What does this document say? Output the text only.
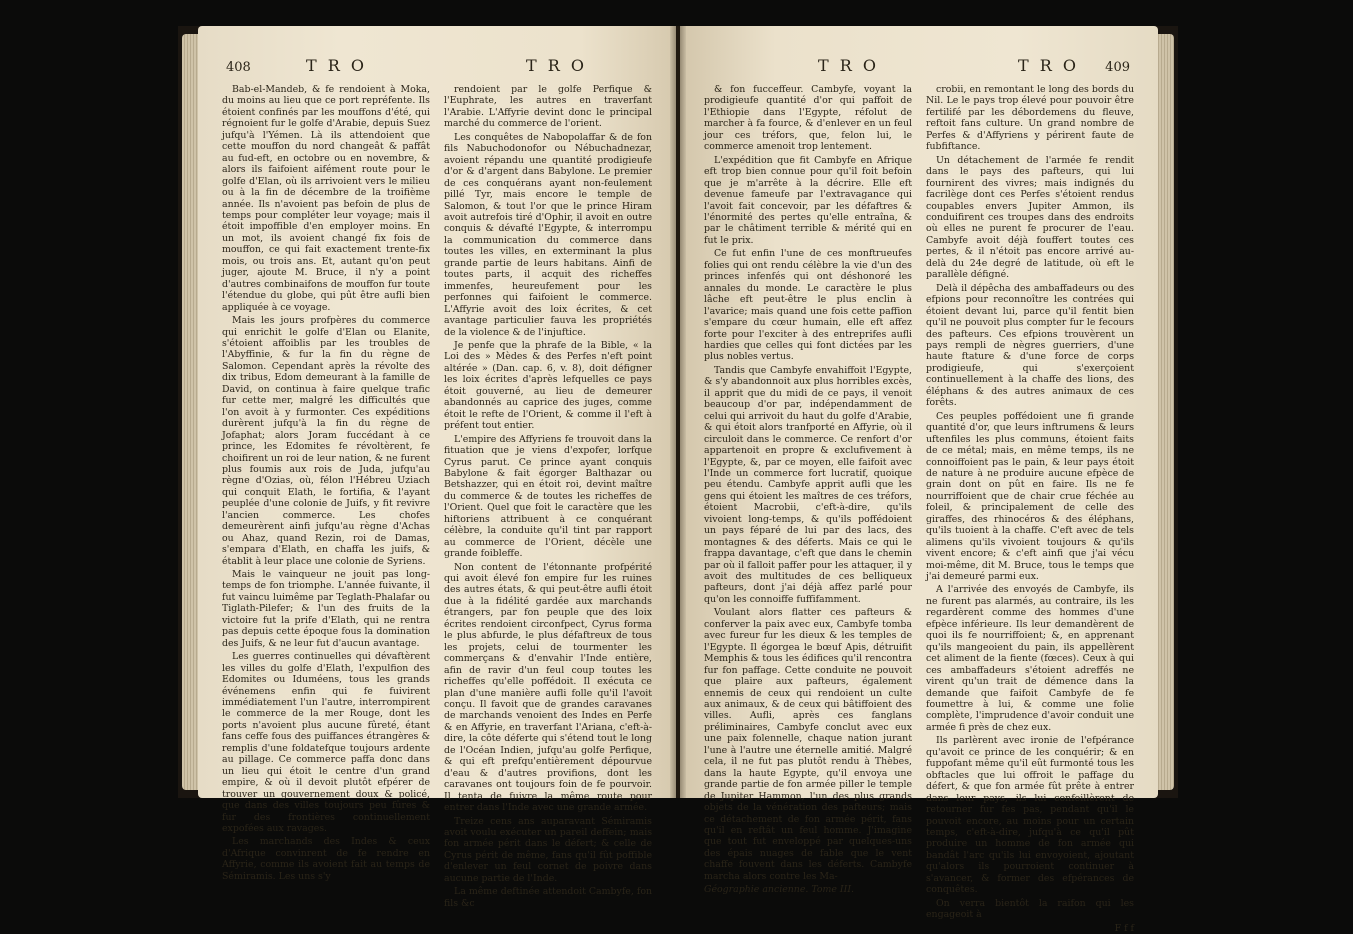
408	T R O	T R O

Bab-el-Mandeb, & fe rendoient à Moka, du moins au lieu que ce port repréfente. Ils étoient confinés par les mouffons d'été, qui régnoient fur le golfe d'Arabie, depuis Suez jufqu'à l'Yémen. Là ils attendoient que cette mouffon du nord changeât & paffât au fud-eft, en octobre ou en novembre, & alors ils faifoient aifément route pour le golfe d'Elan, où ils arrivoient vers le milieu ou à la fin de décembre de la troifième année. Ils n'avoient pas befoin de plus de temps pour compléter leur voyage; mais il étoit impoffible d'en employer moins. En un mot, ils avoient changé fix fois de mouffon, ce qui fait exactement trente-fix mois, ou trois ans. Et, autant qu'on peut juger, ajoute M. Bruce, il n'y a point d'autres combinaifons de mouffon fur toute l'étendue du globe, qui pût être aufli bien appliquée à ce voyage.

Mais les jours profpères du commerce qui enrichit le golfe d'Elan ou Elanite, s'étoient affoiblis par les troubles de l'Abyffinie, & fur la fin du règne de Salomon. Cependant après la révolte des dix tribus, Edom demeurant à la famille de David, on continua à faire quelque trafic fur cette mer, malgré les difficultés que l'on avoit à y furmonter. Ces expéditions durèrent jufqu'à la fin du règne de Jofaphat; alors Joram fuccédant à ce prince, les Edomites fe révoltèrent, fe choifirent un roi de leur nation, & ne furent plus foumis aux rois de Juda, jufqu'au règne d'Ozias, où, félon l'Hébreu Uziach qui conquit Elath, le fortifia, & l'ayant peuplée d'une colonie de Juifs, y fit revivre l'ancien commerce. Les chofes demeurèrent ainfi jufqu'au règne d'Achas ou Ahaz, quand Rezin, roi de Damas, s'empara d'Elath, en chaffa les juifs, & établit à leur place une colonie de Syriens.

Mais le vainqueur ne jouit pas long-temps de fon triomphe. L'année fuivante, il fut vaincu luimême par Teglath-Phalafar ou Tiglath-Pilefer; & l'un des fruits de la victoire fut la prife d'Elath, qui ne rentra pas depuis cette époque fous la domination des Juifs, & ne leur fut d'aucun avantage.

Les guerres continuelles qui dévaftèrent les villes du golfe d'Elath, l'expulfion des Edomites ou Iduméens, tous les grands événemens enfin qui fe fuivirent immédiatement l'un l'autre, interrompirent le commerce de la mer Rouge, dont les ports n'avoient plus aucune fûreté, étant fans ceffe fous des puiffances étrangères & remplis d'une foldatefque toujours ardente au pillage. Ce commerce paffa donc dans un lieu qui étoit le centre d'un grand empire, & où il devoit plutôt efpérer de trouver un gouvernement doux & policé, que dans des villes toujours peu fûres & fur des frontières continuellement expofées aux ravages.

Les marchands des Indes & ceux d'Afrique convinrent de fe rendre en Affyrie, comme ils avoient fait au temps de Sémiramis. Les uns s'y

rendoient par le golfe Perfique & l'Euphrate, les autres en traverfant l'Arabie. L'Affyrie devint donc le principal marché du commerce de l'orient.

Les conquêtes de Nabopolaffar & de fon fils Nabuchodonofor ou Nébuchadnezar, avoient répandu une quantité prodigieufe d'or & d'argent dans Babylone. Le premier de ces conquérans ayant non-feulement pillé Tyr, mais encore le temple de Salomon, & tout l'or que le prince Hiram avoit autrefois tiré d'Ophir, il avoit en outre conquis & dévafté l'Egypte, & interrompu la communication du commerce dans toutes les villes, en exterminant la plus grande partie de leurs habitans. Ainfi de toutes parts, il acquit des richeffes immenfes, heureufement pour les perfonnes qui faifoient le commerce. L'Affyrie avoit des loix écrites, & cet avantage particulier fauva les propriétés de la violence & de l'injuftice.

Je penfe que la phrafe de la Bible, « la Loi des » Mèdes & des Perfes n'eft point altérée » (Dan. cap. 6, v. 8), doit défigner les loix écrites d'après lefquelles ce pays étoit gouverné, au lieu de demeurer abandonnés au caprice des juges, comme étoit le refte de l'Orient, & comme il l'eft à préfent tout entier.

L'empire des Affyriens fe trouvoit dans la fituation que je viens d'expofer, lorfque Cyrus parut. Ce prince ayant conquis Babylone & fait égorger Balthazar ou Betshazzer, qui en étoit roi, devint maître du commerce & de toutes les richeffes de l'Orient. Quel que foit le caractère que les hiftoriens attribuent à ce conquérant célèbre, la conduite qu'il tint par rapport au commerce de l'Orient, décèle une grande foibleffe.

Non content de l'étonnante profpérité qui avoit élevé fon empire fur les ruines des autres états, & qui peut-être aufli étoit due à la fidélité gardée aux marchands étrangers, par fon peuple que des loix écrites rendoient circonfpect, Cyrus forma le plus abfurde, le plus défaftreux de tous les projets, celui de tourmenter les commerçans & d'envahir l'Inde entière, afin de ravir d'un feul coup toutes les richeffes qu'elle poffédoit. Il exécuta ce plan d'une manière aufli folle qu'il l'avoit conçu. Il favoit que de grandes caravanes de marchands venoient des Indes en Perfe & en Affyrie, en traverfant l'Ariana, c'eft-à-dire, la côte déferte qui s'étend tout le long de l'Océan Indien, jufqu'au golfe Perfique, & qui eft prefqu'entièrement dépourvue d'eau & d'autres provifions, dont les caravanes ont toujours foin de fe pourvoir. Il tenta de fuivre la même route pour entrer dans l'Inde avec une grande armée.

Treize cens ans auparavant Sémiramis avoit voulu exécuter un pareil deffein; mais fon armée périt dans le défert; & celle de Cyrus périt de même, fans qu'il fût poffible d'enlever un feul cornet de poivre dans aucune partie de l'Inde.

La même deftinée attendoit Cambyfe, fon fils &c

T R O	T R O 409

& fon fucceffeur. Cambyfe, voyant la prodigieufe quantité d'or qui paffoit de l'Ethiopie dans l'Egypte, réfolut de marcher à fa fource, & d'enlever en un feul jour ces tréfors, que, felon lui, le commerce amenoit trop lentement.

L'expédition que fit Cambyfe en Afrique eft trop bien connue pour qu'il foit befoin que je m'arrête à la décrire. Elle eft devenue fameufe par l'extravagance qui l'avoit fait concevoir, par les défaftres & l'énormité des pertes qu'elle entraîna, & par le châtiment terrible & mérité qui en fut le prix.

Ce fut enfin l'une de ces monftrueufes folies qui ont rendu célèbre la vie d'un des princes infenfés qui ont déshonoré les annales du monde. Le caractère le plus lâche eft peut-être le plus enclin à l'avarice; mais quand une fois cette paffion s'empare du cœur humain, elle eft affez forte pour l'exciter à des entreprifes aufli hardies que celles qui font dictées par les plus nobles vertus.

Tandis que Cambyfe envahiffoit l'Egypte, & s'y abandonnoit aux plus horribles excès, il apprit que du midi de ce pays, il venoit beaucoup d'or par, indépendamment de celui qui arrivoit du haut du golfe d'Arabie, & qui étoit alors tranfporté en Affyrie, où il circuloit dans le commerce. Ce renfort d'or appartenoit en propre & exclufivement à l'Egypte, &, par ce moyen, elle faifoit avec l'Inde un commerce fort lucratif, quoique peu étendu. Cambyfe apprit aufli que les gens qui étoient les maîtres de ces tréfors, étoient Macrobii, c'eft-à-dire, qu'ils vivoient long-temps, & qu'ils poffédoient un pays féparé de lui par des lacs, des montagnes & des déferts. Mais ce qui le frappa davantage, c'eft que dans le chemin par où il falloit paffer pour les attaquer, il y avoit des multitudes de ces belliqueux pafteurs, dont j'ai déjà affez parlé pour qu'on les connoiffe fuffifamment.

Voulant alors flatter ces pafteurs & conferver la paix avec eux, Cambyfe tomba avec fureur fur les dieux & les temples de l'Egypte. Il égorgea le bœuf Apis, détruifit Memphis & tous les édifices qu'il rencontra fur fon paffage. Cette conduite ne pouvoit que plaire aux pafteurs, également ennemis de ceux qui rendoient un culte aux animaux, & de ceux qui bâtiffoient des villes. Aufli, après ces fanglans préliminaires, Cambyfe conclut avec eux une paix folennelle, chaque nation jurant l'une à l'autre une éternelle amitié. Malgré cela, il ne fut pas plutôt rendu à Thèbes, dans la haute Egypte, qu'il envoya une grande partie de fon armée piller le temple de Jupiter Hammon, l'un des plus grands objets de la vénération des pafteurs; mais ce détachement de fon armée périt, fans qu'il en reftât un feul homme. J'imagine que tout fut enveloppé par quelques-uns des épais nuages de fable que le vent chaffe fouvent dans les déferts. Cambyfe marcha alors contre les Ma-

Géographie ancienne. Tome III.

crobii, en remontant le long des bords du Nil. Le le pays trop élevé pour pouvoir être fertilifé par les débordemens du fleuve, reftoit fans culture. Un grand nombre de Perfes & d'Affyriens y périrent faute de fubfiftance.

Un détachement de l'armée fe rendit dans le pays des pafteurs, qui lui fournirent des vivres; mais indignés du facrilège dont ces Perfes s'étoient rendus coupables envers Jupiter Ammon, ils conduifirent ces troupes dans des endroits où elles ne purent fe procurer de l'eau. Cambyfe avoit déjà fouffert toutes ces pertes, & il n'étoit pas encore arrivé au-delà du 24e degré de latitude, où eft le parallèle défigné.

Delà il dépêcha des ambaffadeurs ou des efpions pour reconnoître les contrées qui étoient devant lui, parce qu'il fentit bien qu'il ne pouvoit plus compter fur le fecours des pafteurs. Ces efpions trouvèrent un pays rempli de nègres guerriers, d'une haute ftature & d'une force de corps prodigieufe, qui s'exerçoient continuellement à la chaffe des lions, des éléphans & des autres animaux de ces forêts.

Ces peuples poffédoient une fi grande quantité d'or, que leurs inftrumens & leurs uftenfiles les plus communs, étoient faits de ce métal; mais, en même temps, ils ne connoiffoient pas le pain, & leur pays étoit de nature à ne produire aucune efpèce de grain dont on pût en faire. Ils ne fe nourriffoient que de chair crue féchée au foleil, & principalement de celle des giraffes, des rhinocéros & des éléphans, qu'ils tuoient à la chaffe. C'eft avec de tels alimens qu'ils vivoient toujours & qu'ils vivent encore; & c'eft ainfi que j'ai vécu moi-même, dit M. Bruce, tous le temps que j'ai demeuré parmi eux.

A l'arrivée des envoyés de Cambyfe, ils ne furent pas alarmés, au contraire, ils les regardèrent comme des hommes d'une efpèce inférieure. Ils leur demandèrent de quoi ils fe nourriffoient; &, en apprenant qu'ils mangeoient du pain, ils appellèrent cet aliment de la fiente (fœces). Ceux à qui ces ambaffadeurs s'étoient adreffés ne virent qu'un trait de démence dans la demande que faifoit Cambyfe de fe foumettre à lui, & comme une folie complète, l'imprudence d'avoir conduit une armée fi près de chez eux.

Ils parlèrent avec ironie de l'efpérance qu'avoit ce prince de les conquérir; & en fuppofant même qu'il eût furmonté tous les obftacles que lui offroit le paffage du défert, & que fon armée fût prête à entrer dans leur pays, ils lui confeillèrent de retourner fur fes pas, pendant qu'il le pouvoit encore, au moins pour un certain temps, c'eft-à-dire, jufqu'à ce qu'il pût produire un homme de fon armée qui bandât l'arc qu'ils lui envoyoient, ajoutant qu'alors ils pourroient continuer à s'avancer, & former des efpérances de conquêtes.

On verra bientôt la raifon qui les engageoit à

F f f
